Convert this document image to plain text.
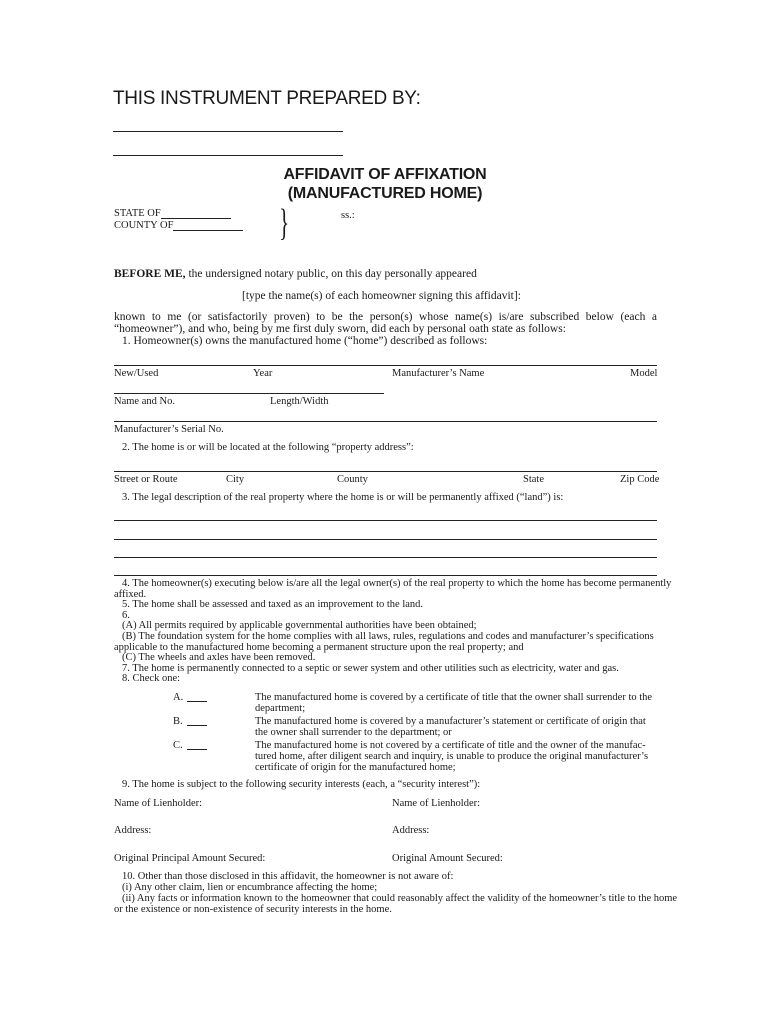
THIS INSTRUMENT PREPARED BY:
AFFIDAVIT OF AFFIXATION
(MANUFACTURED HOME)
STATE OF
COUNTY OF	}	ss.:
BEFORE ME, the undersigned notary public, on this day personally appeared
[type the name(s) of each homeowner signing this affidavit]:
known to me (or satisfactorily proven) to be the person(s) whose name(s) is/are subscribed below (each a
“homeowner”), and who, being by me first duly sworn, did each by personal oath state as follows:
1. Homeowner(s) owns the manufactured home (“home”) described as follows:
New/Used	Year	Manufacturer’s Name	Model
Name and No.	Length/Width
Manufacturer’s Serial No.
2. The home is or will be located at the following “property address”:
Street or Route	City	County	State	Zip Code
3. The legal description of the real property where the home is or will be permanently affixed (“land”) is:
4. The homeowner(s) executing below is/are all the legal owner(s) of the real property to which the home has become permanently
affixed.
5. The home shall be assessed and taxed as an improvement to the land.
6.
(A) All permits required by applicable governmental authorities have been obtained;
(B) The foundation system for the home complies with all laws, rules, regulations and codes and manufacturer’s specifications
applicable to the manufactured home becoming a permanent structure upon the real property; and
(C) The wheels and axles have been removed.
7. The home is permanently connected to a septic or sewer system and other utilities such as electricity, water and gas.
8. Check one:
A.	The manufactured home is covered by a certificate of title that the owner shall surrender to the
department;
B.	The manufactured home is covered by a manufacturer’s statement or certificate of origin that
the owner shall surrender to the department; or
C.	The manufactured home is not covered by a certificate of title and the owner of the manufac-
tured home, after diligent search and inquiry, is unable to produce the original manufacturer’s
certificate of origin for the manufactured home;
9. The home is subject to the following security interests (each, a “security interest”):
Name of Lienholder:	Name of Lienholder:
Address:	Address:
Original Principal Amount Secured:	Original Amount Secured:
10. Other than those disclosed in this affidavit, the homeowner is not aware of:
(i) Any other claim, lien or encumbrance affecting the home;
(ii) Any facts or information known to the homeowner that could reasonably affect the validity of the homeowner’s title to the home
or the existence or non-existence of security interests in the home.
